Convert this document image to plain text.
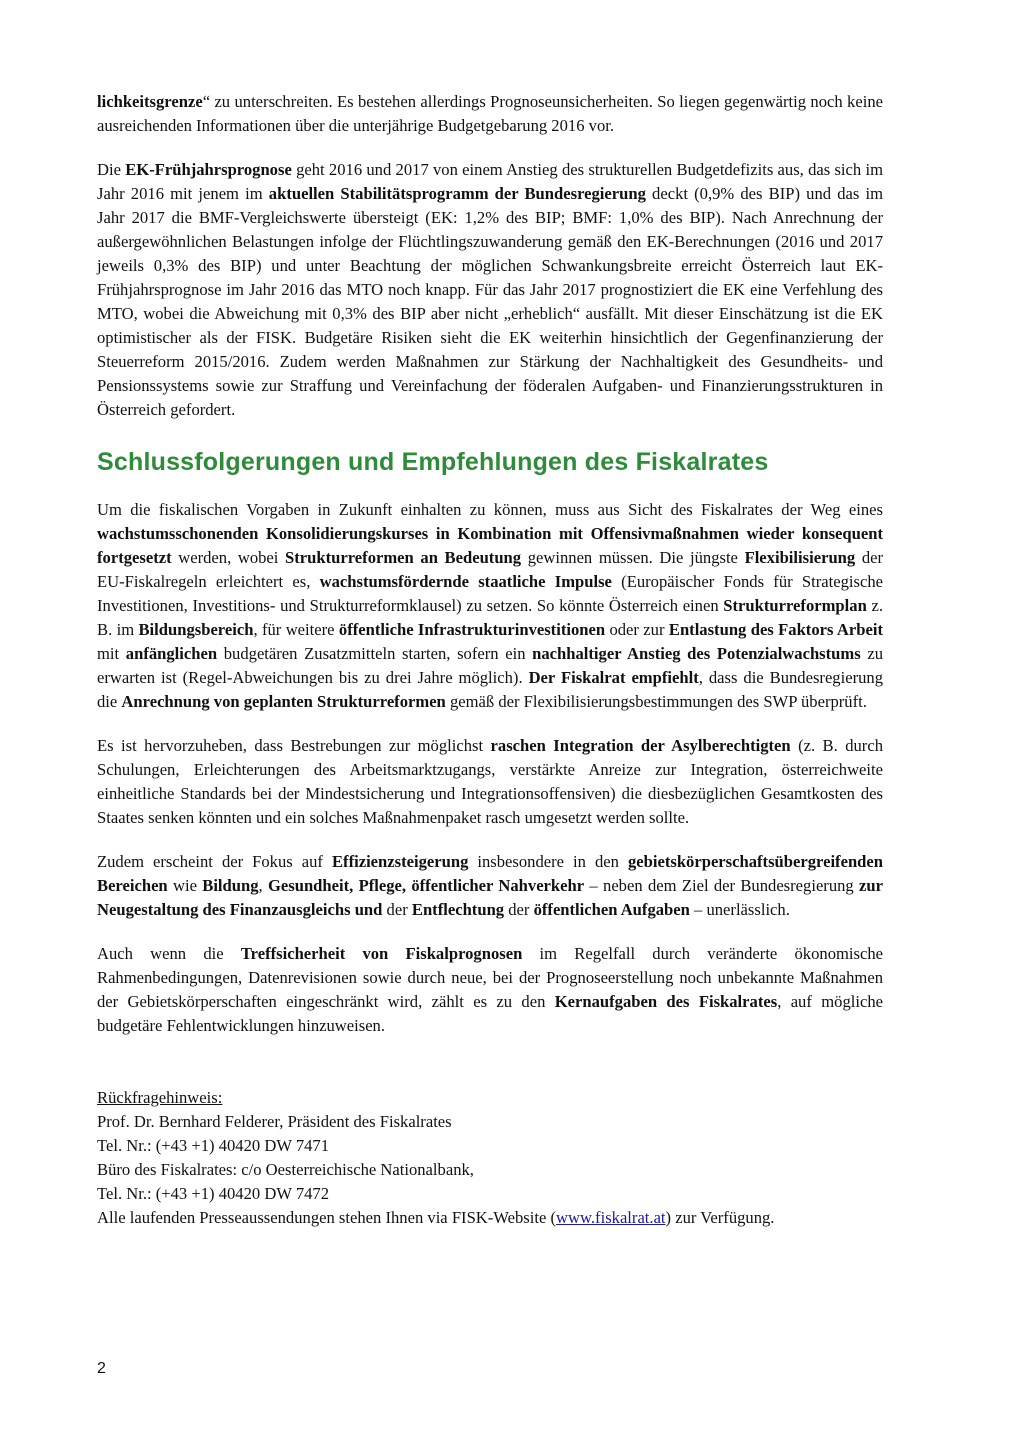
lichkeitsgrenze“ zu unterschreiten. Es bestehen allerdings Prognoseunsicherheiten. So liegen gegenwärtig noch keine ausreichenden Informationen über die unterjährige Budgetgebarung 2016 vor.

Die EK-Frühjahrsprognose geht 2016 und 2017 von einem Anstieg des strukturellen Budgetdefizits aus, das sich im Jahr 2016 mit jenem im aktuellen Stabilitätsprogramm der Bundesregierung deckt (0,9% des BIP) und das im Jahr 2017 die BMF-Vergleichswerte übersteigt (EK: 1,2% des BIP; BMF: 1,0% des BIP). Nach Anrechnung der außergewöhnlichen Belastungen infolge der Flüchtlingszuwanderung gemäß den EK-Berechnungen (2016 und 2017 jeweils 0,3% des BIP) und unter Beachtung der möglichen Schwankungsbreite erreicht Österreich laut EK-Frühjahrsprognose im Jahr 2016 das MTO noch knapp. Für das Jahr 2017 prognostiziert die EK eine Verfehlung des MTO, wobei die Abweichung mit 0,3% des BIP aber nicht „erheblich“ ausfällt. Mit dieser Einschätzung ist die EK optimistischer als der FISK. Budgetäre Risiken sieht die EK weiterhin hinsichtlich der Gegenfinanzierung der Steuerreform 2015/2016. Zudem werden Maßnahmen zur Stärkung der Nachhaltigkeit des Gesundheits- und Pensionssystems sowie zur Straffung und Vereinfachung der föderalen Aufgaben- und Finanzierungsstrukturen in Österreich gefordert.

Schlussfolgerungen und Empfehlungen des Fiskalrates

Um die fiskalischen Vorgaben in Zukunft einhalten zu können, muss aus Sicht des Fiskalrates der Weg eines wachstumsschonenden Konsolidierungskurses in Kombination mit Offensivmaßnahmen wieder konsequent fortgesetzt werden, wobei Strukturreformen an Bedeutung gewinnen müssen. Die jüngste Flexibilisierung der EU-Fiskalregeln erleichtert es, wachstumsfördernde staatliche Impulse (Europäischer Fonds für Strategische Investitionen, Investitions- und Strukturreformklausel) zu setzen. So könnte Österreich einen Strukturreformplan z. B. im Bildungsbereich, für weitere öffentliche Infrastrukturinvestitionen oder zur Entlastung des Faktors Arbeit mit anfänglichen budgetären Zusatzmitteln starten, sofern ein nachhaltiger Anstieg des Potenzialwachstums zu erwarten ist (Regel-Abweichungen bis zu drei Jahre möglich). Der Fiskalrat empfiehlt, dass die Bundesregierung die Anrechnung von geplanten Strukturreformen gemäß der Flexibilisierungsbestimmungen des SWP überprüft.

Es ist hervorzuheben, dass Bestrebungen zur möglichst raschen Integration der Asylberechtigten (z. B. durch Schulungen, Erleichterungen des Arbeitsmarktzugangs, verstärkte Anreize zur Integration, österreichweite einheitliche Standards bei der Mindestsicherung und Integrationsoffensiven) die diesbezüglichen Gesamtkosten des Staates senken könnten und ein solches Maßnahmenpaket rasch umgesetzt werden sollte.

Zudem erscheint der Fokus auf Effizienzsteigerung insbesondere in den gebietskörperschaftsübergreifenden Bereichen wie Bildung, Gesundheit, Pflege, öffentlicher Nahverkehr – neben dem Ziel der Bundesregierung zur Neugestaltung des Finanzausgleichs und der Entflechtung der öffentlichen Aufgaben – unerlässlich.

Auch wenn die Treffsicherheit von Fiskalprognosen im Regelfall durch veränderte ökonomische Rahmenbedingungen, Datenrevisionen sowie durch neue, bei der Prognoseerstellung noch unbekannte Maßnahmen der Gebietskörperschaften eingeschränkt wird, zählt es zu den Kernaufgaben des Fiskalrates, auf mögliche budgetäre Fehlentwicklungen hinzuweisen.

Rückfragehinweis:
Prof. Dr. Bernhard Felderer, Präsident des Fiskalrates
Tel. Nr.: (+43 +1) 40420 DW 7471
Büro des Fiskalrates: c/o Oesterreichische Nationalbank,
Tel. Nr.: (+43 +1) 40420 DW 7472
Alle laufenden Presseaussendungen stehen Ihnen via FISK-Website (www.fiskalrat.at) zur Verfügung.
2
